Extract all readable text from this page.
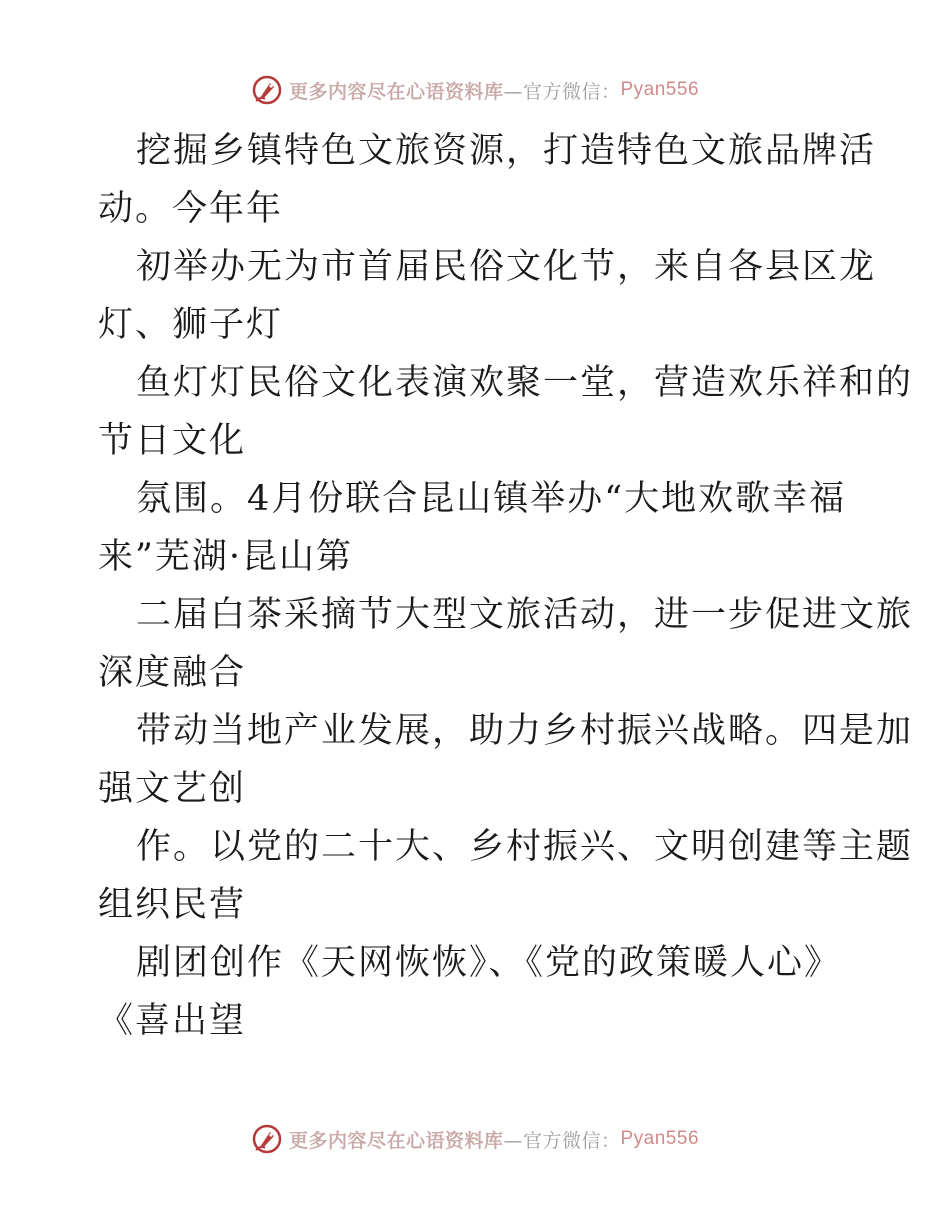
更多内容尽在心语资料库 —官方微信： Pyan556
挖掘乡镇特色文旅资源，打造特色文旅品牌活
动。今年年
初举办无为市首届民俗文化节，来自各县区龙
灯、狮子灯
鱼灯灯民俗文化表演欢聚一堂，营造欢乐祥和的
节日文化
氛围。4月份联合昆山镇举办“大地欢歌幸福
来”芜湖·昆山第
二届白茶采摘节大型文旅活动，进一步促进文旅
深度融合
带动当地产业发展，助力乡村振兴战略。四是加
强文艺创
作。以党的二十大、乡村振兴、文明创建等主题
组织民营
剧团创作《天网恢恢》、《党的政策暖人心》
《喜出望
更多内容尽在心语资料库 —官方微信： Pyan556
